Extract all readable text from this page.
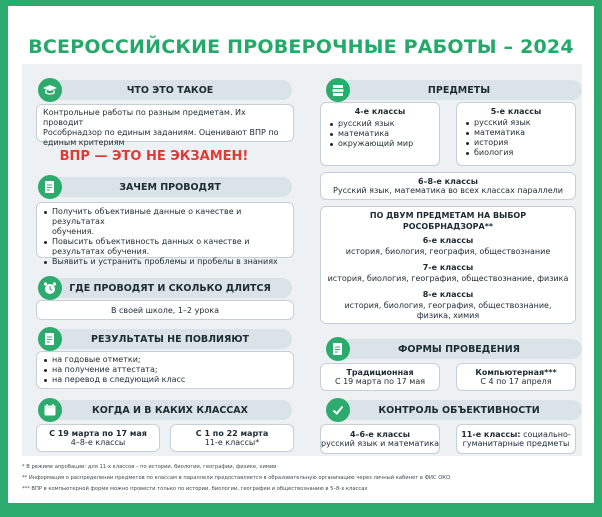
ВСЕРОССИЙСКИЕ ПРОВЕРОЧНЫЕ РАБОТЫ – 2024
ЧТО ЭТО ТАКОЕ
Контрольные работы по разным предметам. Их проводит
Рособрнадзор по единым заданиям. Оценивают ВПР по
единым критериям
ВПР — ЭТО НЕ ЭКЗАМЕН!
ЗАЧЕМ ПРОВОДЯТ
Получить объективные данные о качестве и результатах
обучения.
Повысить объективность данных о качестве и
результатах обучения.
Выявить и устранить проблемы и пробелы в знаниях
ГДЕ ПРОВОДЯТ И СКОЛЬКО ДЛИТСЯ
В своей школе, 1–2 урока
РЕЗУЛЬТАТЫ НЕ ПОВЛИЯЮТ
на годовые отметки;
на получение аттестата;
на перевод в следующий класс
КОГДА И В КАКИХ КЛАССАХ
С 19 марта по 17 мая
4–8-е классы
С 1 по 22 марта
11-е классы*
ПРЕДМЕТЫ
4-е классы
русский язык
математика
окружающий мир
5-е классы
русский язык
математика
история
биология
6–8-е классы
Русский язык, математика во всех классах параллели
ПО ДВУМ ПРЕДМЕТАМ НА ВЫБОР РОСОБРНАДЗОРА**
6-е классы
история, биология, география, обществознание
7-е классы
история, биология, география, обществознание, физика
8-е классы
история, биология, география, обществознание,
физика, химия
ФОРМЫ ПРОВЕДЕНИЯ
Традиционная
С 19 марта по 17 мая
Компьютерная***
С 4 по 17 апреля
КОНТРОЛЬ ОБЪЕКТИВНОСТИ
4–6-е классы
русский язык и математика
11-е классы: социально-
гуманитарные предметы
* В режиме апробации: для 11-х классов – по истории, биологии, географии, физике, химии
** Информация о распределении предметов по классам в параллели предоставляется в образовательную организацию через личный кабинет в ФИС ОКО
*** ВПР в компьютерной форме можно провести только по истории, биологии, географии и обществознанию в 5–8-х классах
